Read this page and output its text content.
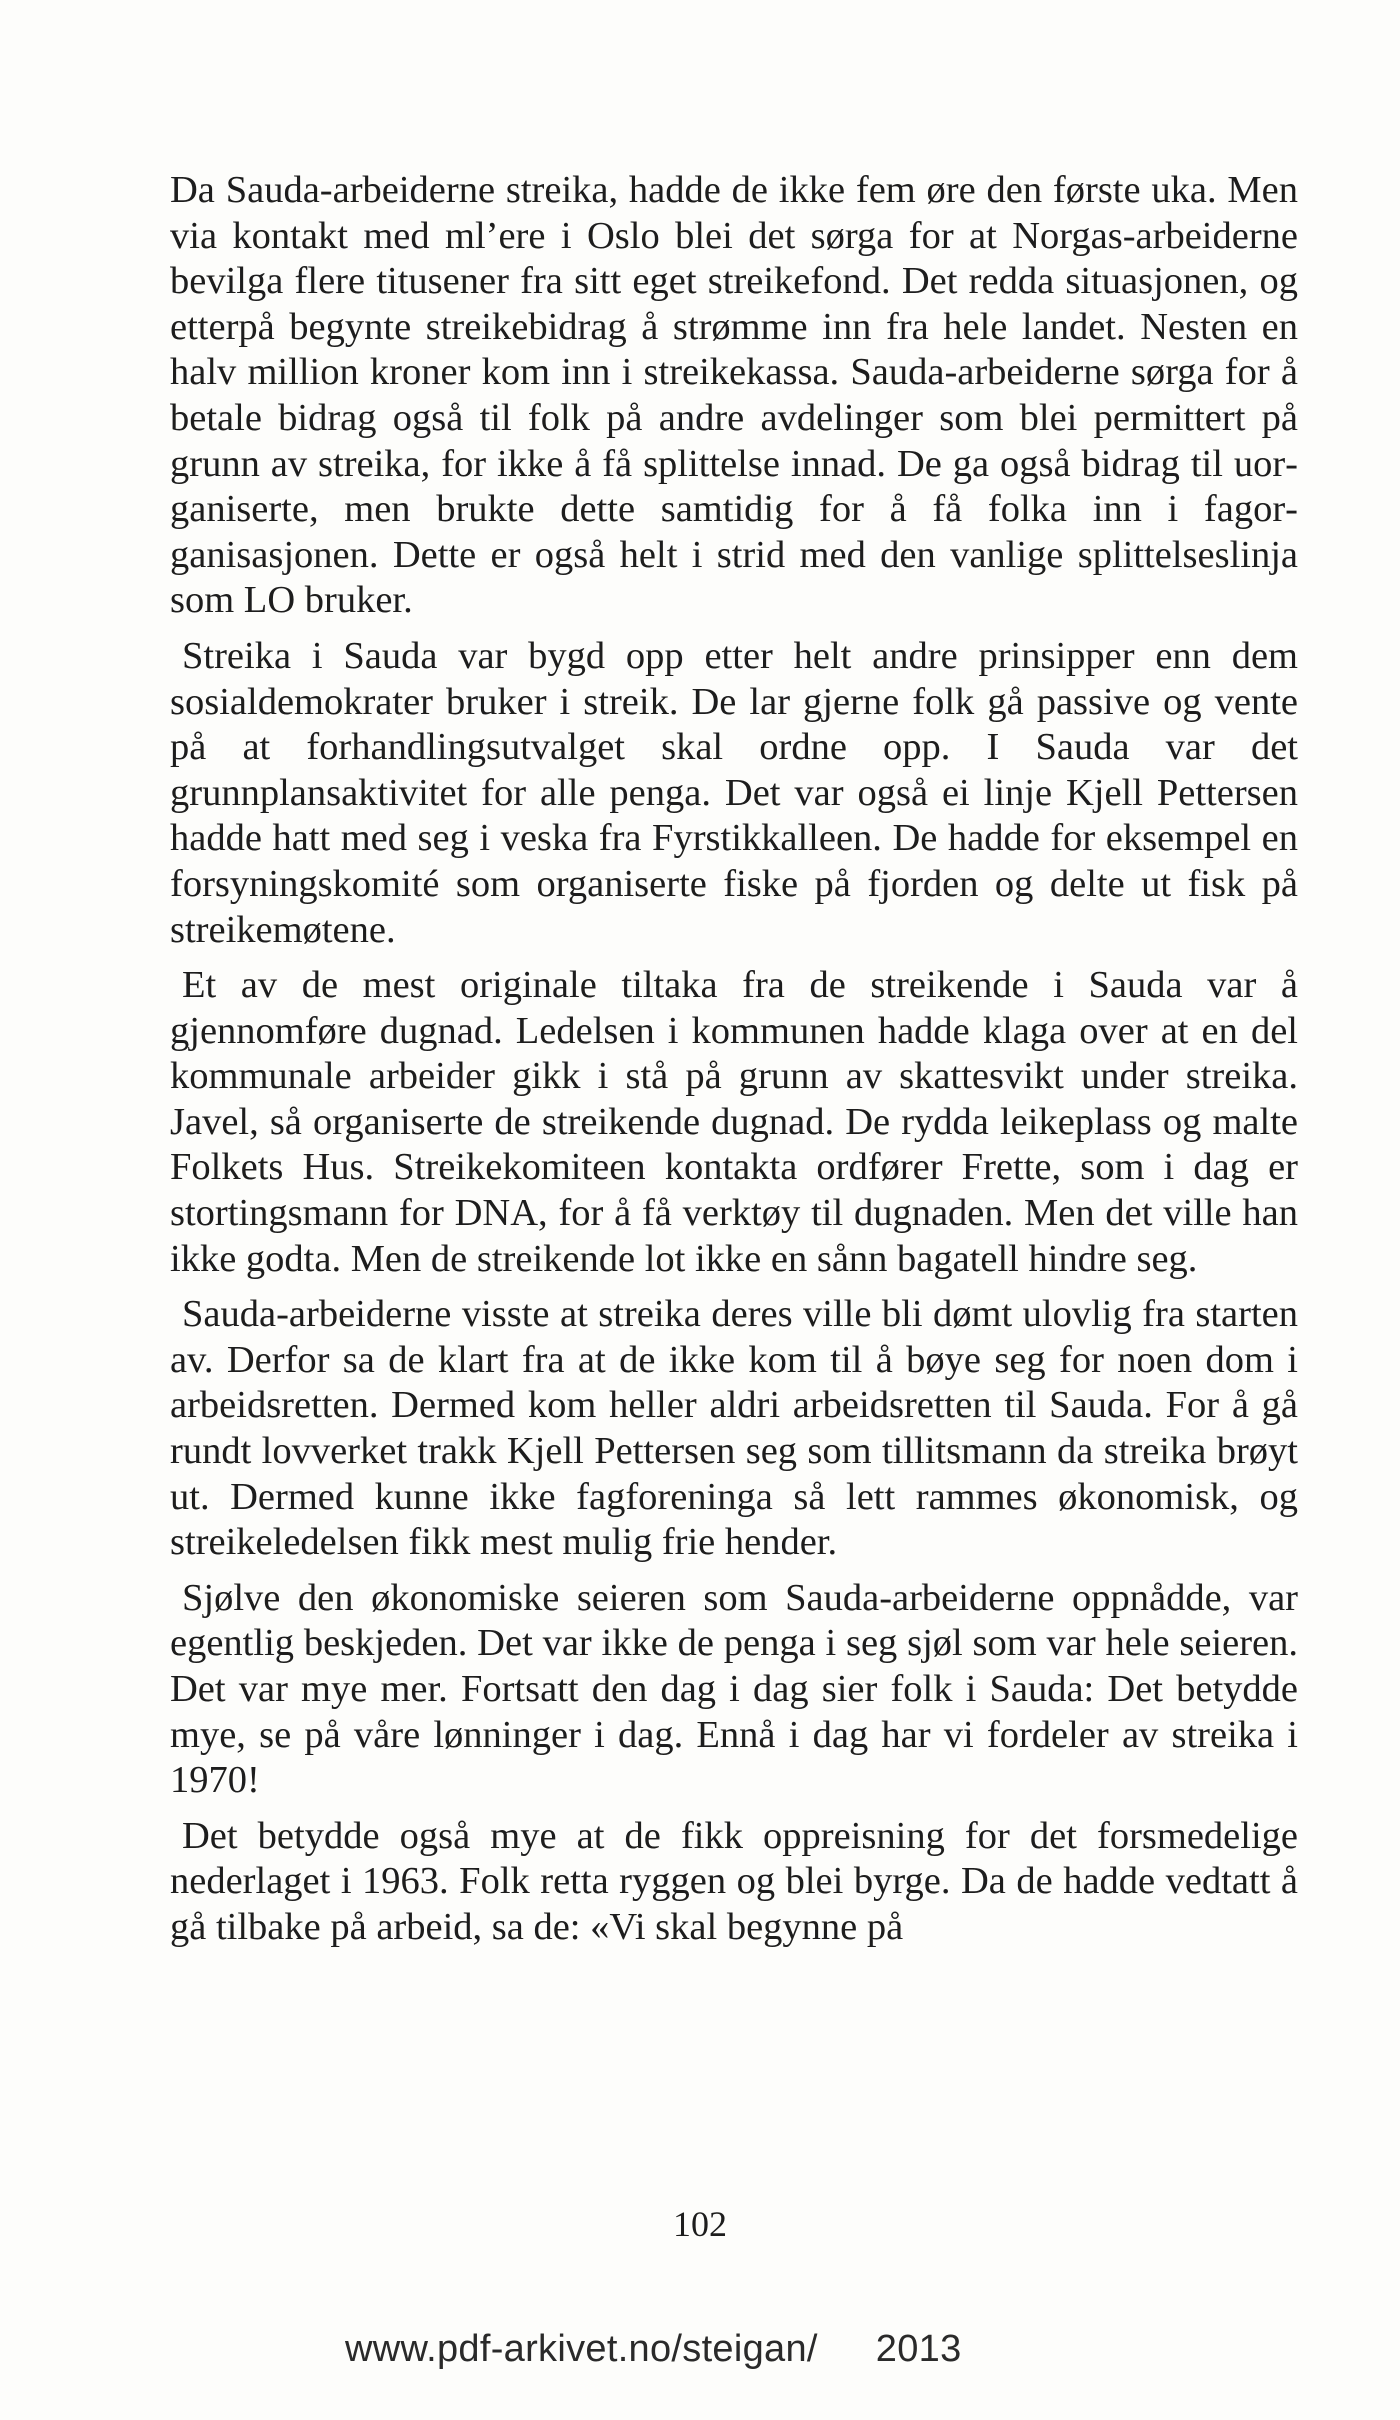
Da Sauda-arbeiderne streika, hadde de ikke fem øre den første uka. Men via kontakt med ml’ere i Oslo blei det sørga for at Norgas-arbeiderne bevilga flere titusener fra sitt eget streikefond. Det redda situasjonen, og etterpå begynte streikebidrag å strømme inn fra hele landet. Nesten en halv million kroner kom inn i streikekassa. Sauda-arbeiderne sørga for å betale bidrag også til folk på andre avdelinger som blei permittert på grunn av streika, for ikke å få splittelse innad. De ga også bidrag til uorganiserte, men brukte dette samtidig for å få folka inn i fagorganisasjonen. Dette er også helt i strid med den vanlige splittelseslinja som LO bruker.

Streika i Sauda var bygd opp etter helt andre prinsipper enn dem sosialdemokrater bruker i streik. De lar gjerne folk gå passive og vente på at forhandlingsutvalget skal ordne opp. I Sauda var det grunnplansaktivitet for alle penga. Det var også ei linje Kjell Pettersen hadde hatt med seg i veska fra Fyrstikkalleen. De hadde for eksempel en forsyningskomité som organiserte fiske på fjorden og delte ut fisk på streikemøtene.

Et av de mest originale tiltaka fra de streikende i Sauda var å gjennomføre dugnad. Ledelsen i kommunen hadde klaga over at en del kommunale arbeider gikk i stå på grunn av skattesvikt under streika. Javel, så organiserte de streikende dugnad. De rydda leikeplass og malte Folkets Hus. Streikekomiteen kontakta ordfører Frette, som i dag er stortingsmann for DNA, for å få verktøy til dugnaden. Men det ville han ikke godta. Men de streikende lot ikke en sånn bagatell hindre seg.

Sauda-arbeiderne visste at streika deres ville bli dømt ulovlig fra starten av. Derfor sa de klart fra at de ikke kom til å bøye seg for noen dom i arbeidsretten. Dermed kom heller aldri arbeidsretten til Sauda. For å gå rundt lovverket trakk Kjell Pettersen seg som tillitsmann da streika brøyt ut. Dermed kunne ikke fagforeninga så lett rammes økonomisk, og streikeledelsen fikk mest mulig frie hender.

Sjølve den økonomiske seieren som Sauda-arbeiderne oppnådde, var egentlig beskjeden. Det var ikke de penga i seg sjøl som var hele seieren. Det var mye mer. Fortsatt den dag i dag sier folk i Sauda: Det betydde mye, se på våre lønninger i dag. Ennå i dag har vi fordeler av streika i 1970!

Det betydde også mye at de fikk oppreisning for det forsmedelige nederlaget i 1963. Folk retta ryggen og blei byrge. Da de hadde vedtatt å gå tilbake på arbeid, sa de: «Vi skal begynne på

102
www.pdf-arkivet.no/steigan/ 2013
